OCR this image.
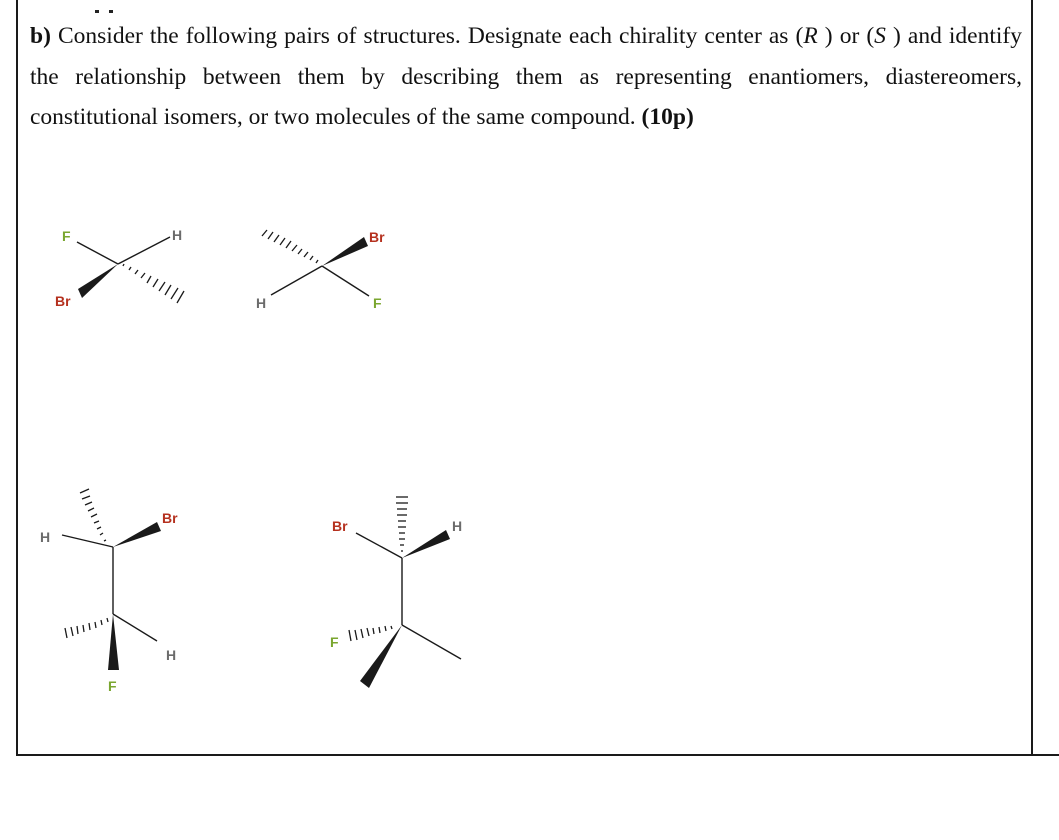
b) Consider the following pairs of structures. Designate each chirality center as (R ) or (S ) and identify the relationship between them by describing them as representing enantiomers, diastereomers, constitutional isomers, or two molecules of the same compound. (10p)
F	H
Br
Br
H	F
H
Br
H
F
Br	H
F
